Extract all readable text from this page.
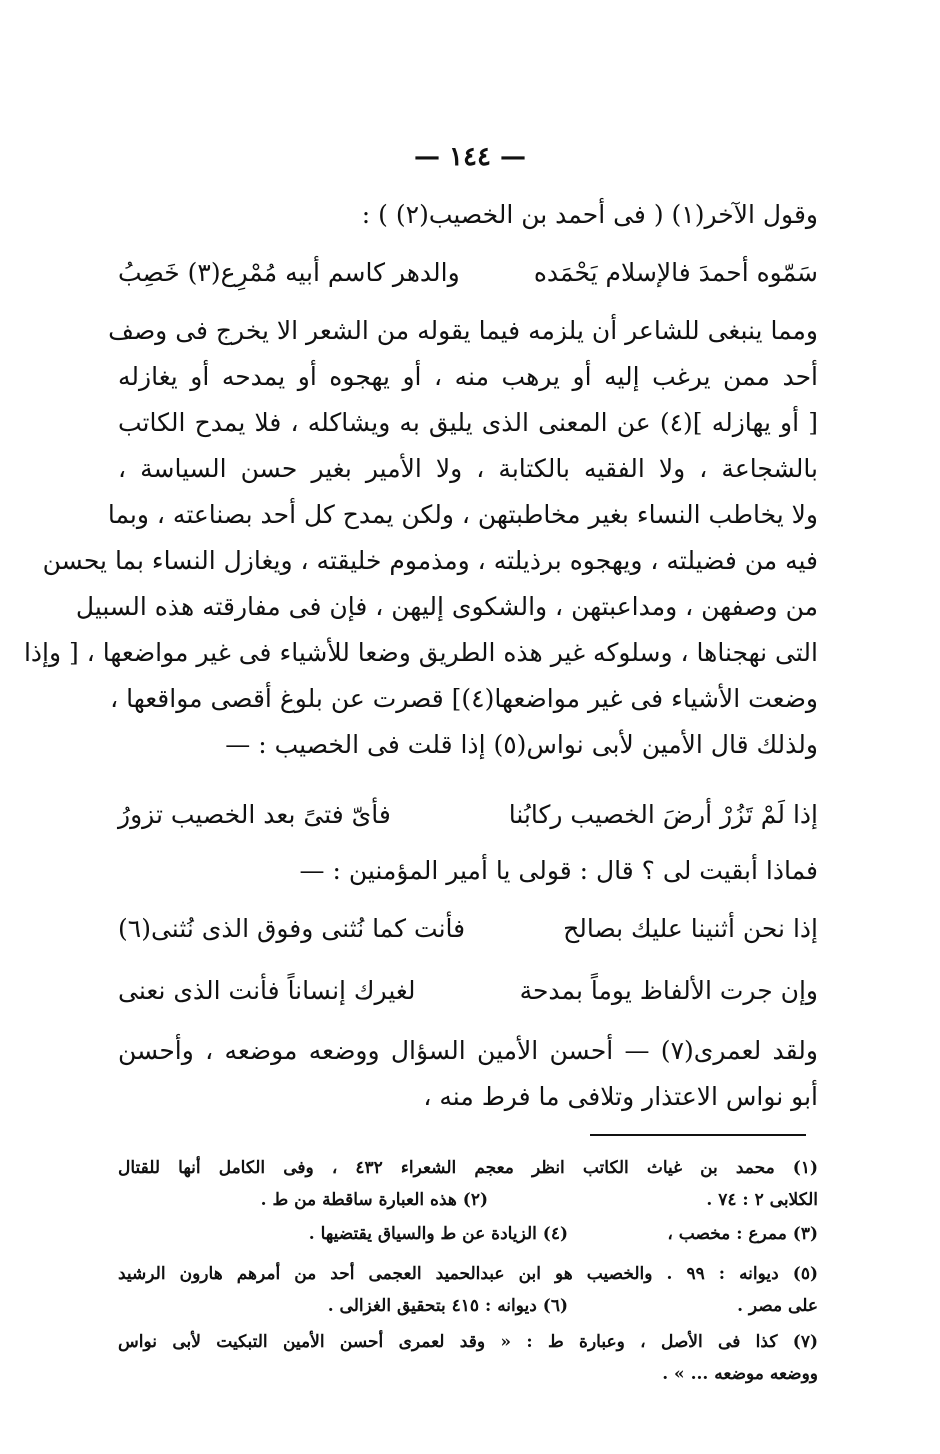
— ١٤٤ —
وقول الآخر(١) ( فى أحمد بن الخصيب(٢) ) :
سَمّوه أحمدَ فالإسلام يَحْمَده
والدهر كاسم أبيه مُمْرِع(٣) خَصِبُ
ومما ينبغى للشاعر أن يلزمه فيما يقوله من الشعر الا يخرج فى وصف
أحد ممن يرغب إليه أو يرهب منه ، أو يهجوه أو يمدحه أو يغازله
[ أو يهازله ](٤) عن المعنى الذى يليق به ويشاكله ، فلا يمدح الكاتب
بالشجاعة ، ولا الفقيه بالكتابة ، ولا الأمير بغير حسن السياسة ،
ولا يخاطب النساء بغير مخاطبتهن ، ولكن يمدح كل أحد بصناعته ، وبما
فيه من فضيلته ، ويهجوه برذيلته ، ومذموم خليقته ، ويغازل النساء بما يحسن
من وصفهن ، ومداعبتهن ، والشكوى إليهن ، فإن فى مفارقته هذه السبيل
التى نهجناها ، وسلوكه غير هذه الطريق وضعا للأشياء فى غير مواضعها ، [ وإذا
وضعت الأشياء فى غير مواضعها(٤)] قصرت عن بلوغ أقصى مواقعها ،
ولذلك قال الأمين لأبى نواس(٥) إذا قلت فى الخصيب : —
إذا لَمْ تَزُرْ أرضَ الخصيب ركابُنا
فأىّ فتىً بعد الخصيب تزورُ
فماذا أبقيت لى ؟ قال : قولى يا أمير المؤمنين : —
إذا نحن أثنينا عليك بصالح
فأنت كما نُثنى وفوق الذى نُثنى(٦)
وإن جرت الألفاظ يوماً بمدحة
لغيرك إنساناً فأنت الذى نعنى
ولقد لعمرى(٧) — أحسن الأمين السؤال ووضعه موضعه ، وأحسن
أبو نواس الاعتذار وتلافى ما فرط منه ،
(١) محمد بن غياث الكاتب انظر معجم الشعراء ٤٣٢ ، وفى الكامل أنها للقتال
الكلابى ٢ : ٧٤ .
(٢) هذه العبارة ساقطة من ط .
(٣) ممرع : مخصب ،
(٤) الزيادة عن ط والسياق يقتضيها .
(٥) ديوانه : ٩٩ . والخصيب هو ابن عبدالحميد العجمى أحد من أمرهم هارون الرشيد
على مصر .
(٦) ديوانه : ٤١٥ بتحقيق الغزالى .
(٧) كذا فى الأصل ، وعبارة ط : « وقد لعمرى أحسن الأمين التبكيت لأبى نواس
ووضعه موضعه ... » .
